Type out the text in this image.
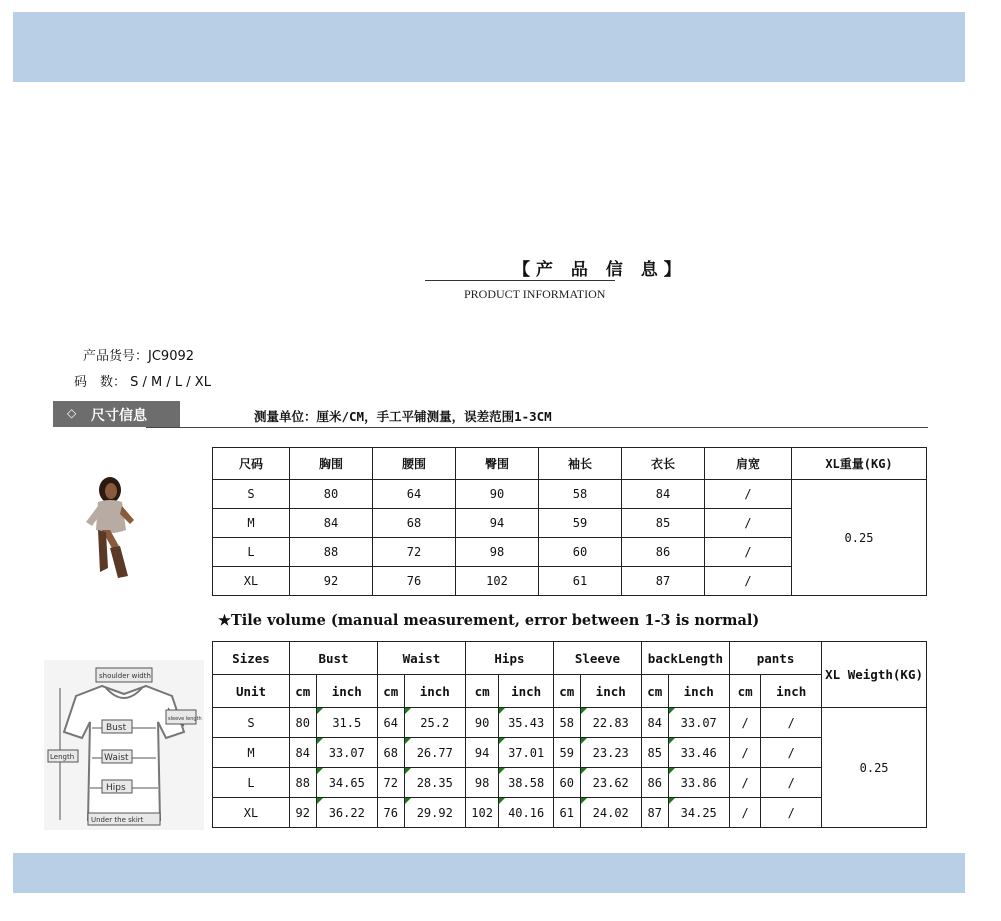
【产 品 信 息】
PRODUCT INFORMATION
产品货号：JC9092
码　数： S / M / L / XL
◇ 尺寸信息	测量单位：厘米/CM，手工平铺测量，误差范围1-3CM
尺码	胸围	腰围	臀围	袖长	衣长	肩宽	XL重量(KG)
S	80	64	90	58	84	/	0.25
M	84	68	94	59	85	/	
L	88	72	98	60	86	/	
XL	92	76	102	61	87	/	
★Tile volume (manual measurement, error between 1-3 is normal)
shoulder width
sleeve length
Length
Bust
Waist
Hips
Under the skirt
Sizes	Bust		Waist		Hips		Sleeve		backLength		pants		XL Weigth(KG)
Unit	cm	inch	cm	inch	cm	inch	cm	inch	cm	inch	cm	inch	
S	80	31.5	64	25.2	90	35.43	58	22.83	84	33.07	/	/	0.25
M	84	33.07	68	26.77	94	37.01	59	23.23	85	33.46	/	/	
L	88	34.65	72	28.35	98	38.58	60	23.62	86	33.86	/	/	
XL	92	36.22	76	29.92	102	40.16	61	24.02	87	34.25	/	/	
